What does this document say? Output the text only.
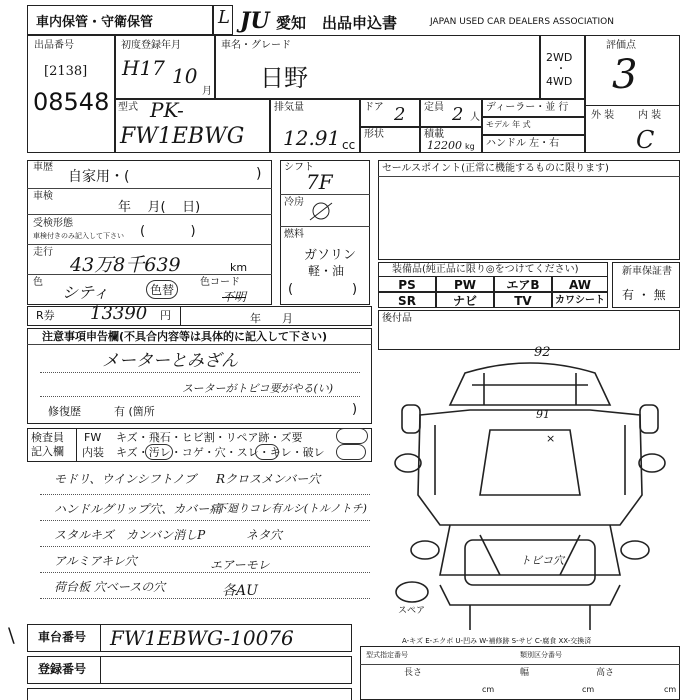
車内保管・守衛保管	L JU 愛知 出品申込書	JAPAN USED CAR DEALERS ASSOCIATION
出品番号
[2138]
08548
初度登録年月
H17 10
月
車名・グレード
日野
2WD
・
4WD
評価点
3
外 装 内 装
C
型式 PK-
FW1EBWG
排気量
12.91 cc
ドア 2 定員 2 人
ディーラー・並 行
モデル 年 式
ハンドル 左・右
形状	積載
12200 kg
車歴
自家用・(	)
車検
年    月(    日)
受検形態
車検付きのみ記入して下さい (           )
走行
43万8千639	km
色
シティ	色替
色コード
不明
シフト
7F
冷房
燃料
ガソリン
軽・油
(	)
セールスポイント(正常に機能するものに限ります)
装備品(純正品に限り◎をつけてください)
PS	PW	エアB	AW
SR	ナビ	TV	カワシート
新車保証書
有 ・ 無
R券 13390 円	年      月
注意事項申告欄(不具合内容等は具体的に記入して下さい)
メーターとみざん
スーターがトビコ要がやる(い)
修復歴	有 (箇所	)
後付品
検査員
記入欄
FW キズ・飛石・ヒビ割・リペア跡・ズ要
内装 キズ・汚レ・コゲ・穴・スレ・キレ・破レ
モドリ、ウインシフトノブ Rクロスメンバー穴
ハンドルグリップ穴、カバー痛
下廻りコレ有ルシ(トルノトチ)
スタルキズ カンバン消しP	ネタ穴
アルミアキレ穴	エアーモレ
荷台板 穴ベースの穴	各AU
92
91
×
トビコ穴
スペア
\ 車台番号 FW1EBWG-10076
登録番号
A-キズ E-エクボ U-凹み W-補修跡 S-サビ C-腐食 XX-交換済
型式指定番号	類別区分番号
長さ	幅	高さ
cm	cm	cm
